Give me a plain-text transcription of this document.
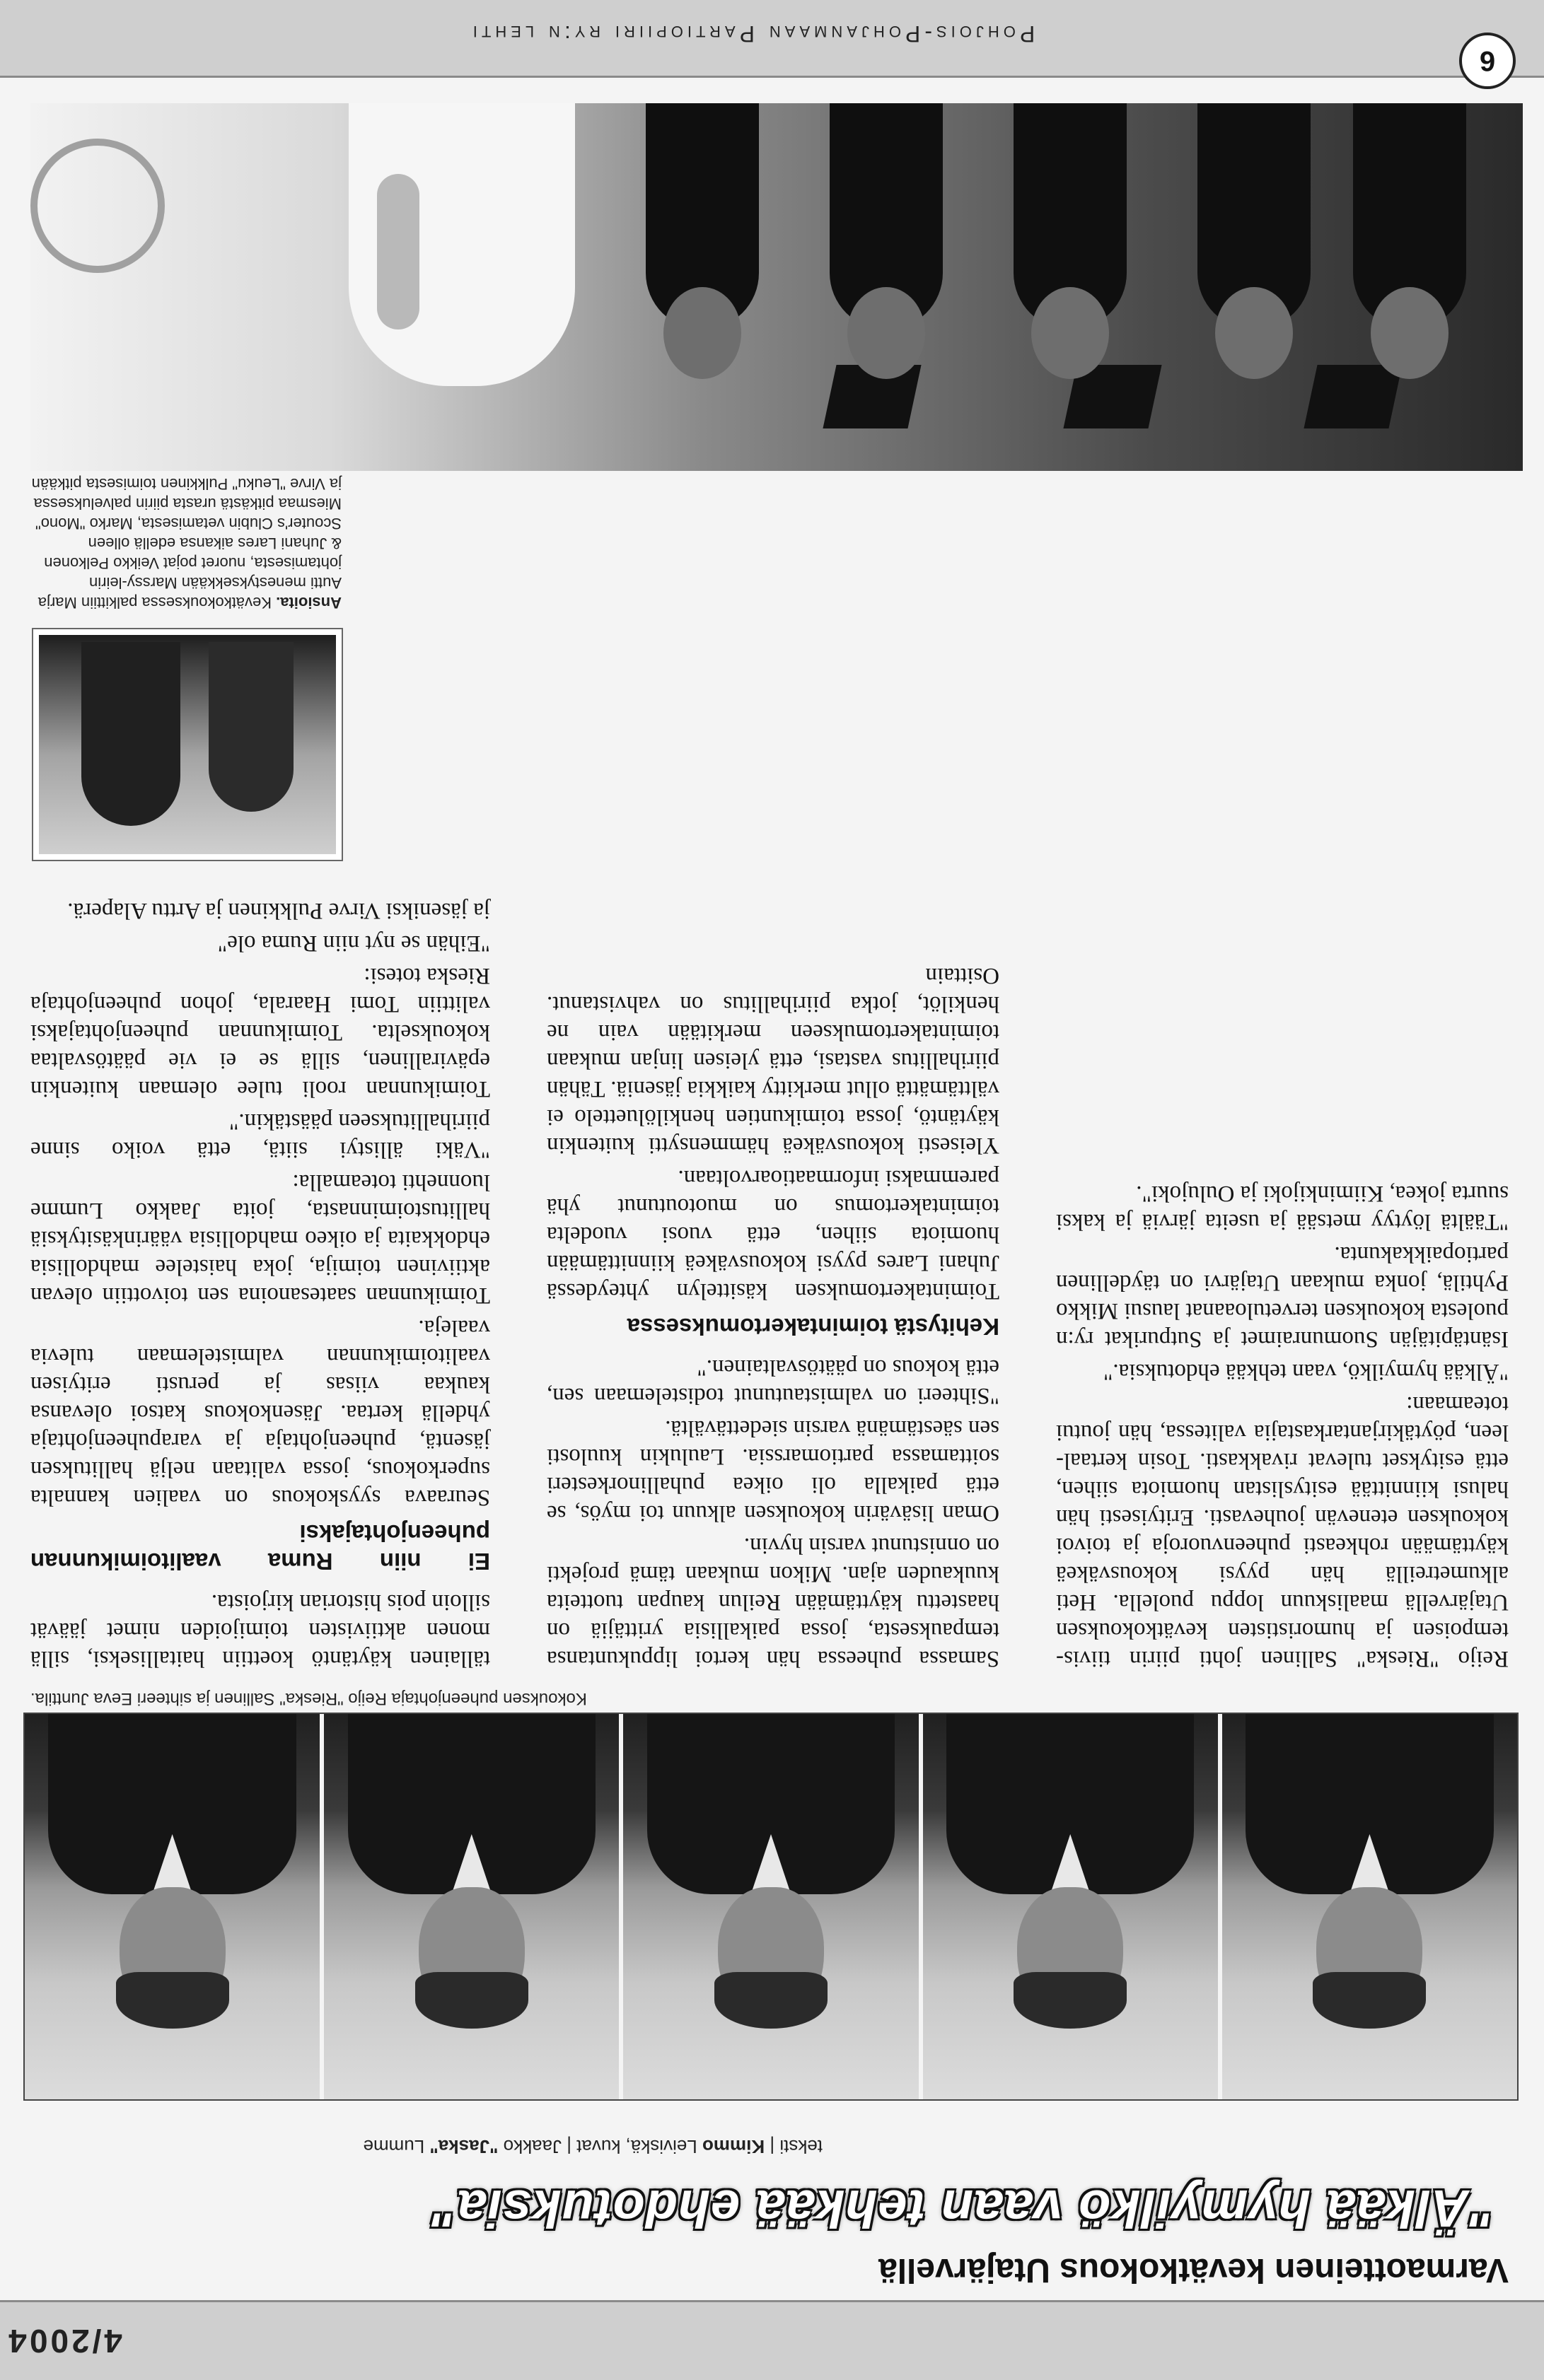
4/2004
Varmaotteinen kevätkokous Utajärvellä
"Älkää hymyilkö vaan tehkää ehdotuksia"
teksti | Kimmo Leiviskä, kuvat | Jaakko "Jaska" Lumme
Kokouksen puheenjohtaja Reijo "Rieska" Sallinen ja sihteeri Eeva Junttila.

Reijo "Rieska" Sallinen johti piirin tiivistempoisen ja humorististen kevätkokouksen Utajärvellä maaliskuun loppu puolella. Heti alkumetreillä hän pyysi kokousväkeä käyttämään rohkeasti puheenvuoroja ja toivoi kokouksen etenevän jouhevasti. Erityisesti hän halusi kiinnittää esityslistan huomiota siihen, että esitykset tulevat rivakkasti. Tosin kertaalleen, pöytäkirjantarkastajia valitessa, hän joutui toteamaan:

"Älkää hymyilkö, vaan tehkää ehdotuksia."

Isäntäpitäjän Suomunraimet ja Sutpurikat ry:n puolesta kokouksen tervetuloaanat lausui Mikko Pyhtilä, jonka mukaan Utajärvi on täydellinen partiopaikkakunta.

"Täältä löytyy metsää ja useita järviä ja kaksi suurta jokea, Kiiminkijoki ja Oulujoki".

Samassa puheessa hän kertoi lippukuntansa tempauksesta, jossa paikallisia yrittäjiä on haastettu käyttämään Reilun kaupan tuotteita kuukauden ajan. Mikon mukaan tämä projekti on onnistunut varsin hyvin.

Oman lisävärin kokouksen alkuun toi myös, se että paikalla oli oikea puhallinorkesteri soittamassa partiomarssia. Laulukin kuulosti sen säestämänä varsin siedettävältä.

"Sihteeri on valmistautunut todistelemaan sen, että kokous on päätösvaltainen."

Kehitystä toimintakertomuksessa

Toimintakertomuksen käsittelyn yhteydessä Juhani Lares pyysi kokousväkeä kiinnittämään huomiota siihen, että vuosi vuodelta toimintakertomus on muotoutunut yhä paremmaksi informaatioarvoltaan.

Yleisesti kokousväkeä hämmensytti kuitenkin käytäntö, jossa toimikuntien henkilöluettelo ei välttämättä ollut merkitty kaikkia jäseniä. Tähän piirihallitus vastasi, että yleisen linjan mukaan toimintakertomukseen merkitään vain ne henkilöt, jotka piirihallitus on vahvistanut. Osittain

tällainen käytäntö koettiin haitalliseksi, sillä monen aktiivisten toimijoiden nimet jäävät silloin pois historian kirjoista.

Ei niin Ruma vaalitoimikunnan puheenjohtajaksi

Seuraava syyskokous on vaalien kannalta superkokous, jossa valitaan neljä hallituksen jäsentä, puheenjohtaja ja varapuheenjohtaja yhdellä kertaa. Jäsenkokous katsoi olevansa kaukaa viisas ja perusti erityisen vaalitoimikunnan valmistelemaan tulevia vaaleja.

Toimikunnan saatesanoina sen toivottiin olevan aktiivinen toimija, joka haistelee mahdollisia ehdokkaita ja oikeo mahdollisia väärinkäsityksiä hallitustoiminnasta, joita Jaakko Lumme luonnehti toteamalla:

"Väki ällistyi siitä, että voiko sinne piirihallitukseen päästäkin."

Toimikunnan rooli tulee olemaan kuitenkin epävirallinen, sillä se ei vie päätösvaltaa kokoukselta. Toimikunnan puheenjohtajaksi valittiin Tomi Haarala, johon puheenjohtaja Rieska totesi:

"Eihän se nyt niin Ruma ole"

ja jäseniksi Virve Pulkkinen ja Arttu Alaperä.

Ansioita. Kevätkokouksessa palkittiin Marja Autti menestyksekkään Marssy-leirin johtamisesta, nuoret pojat Veikko Pelkonen & Juhani Lares aikansa edellä olleen Scouter's Clubin vetamisesta, Marko "Mono" Miesmaa pitkästä urasta piirin palveluksessa ja Virve "Leuku" Pulkkinen toimisesta pitkään
Pohjois-Pohjanmaan Partiopiiri ry:n lehti
6
